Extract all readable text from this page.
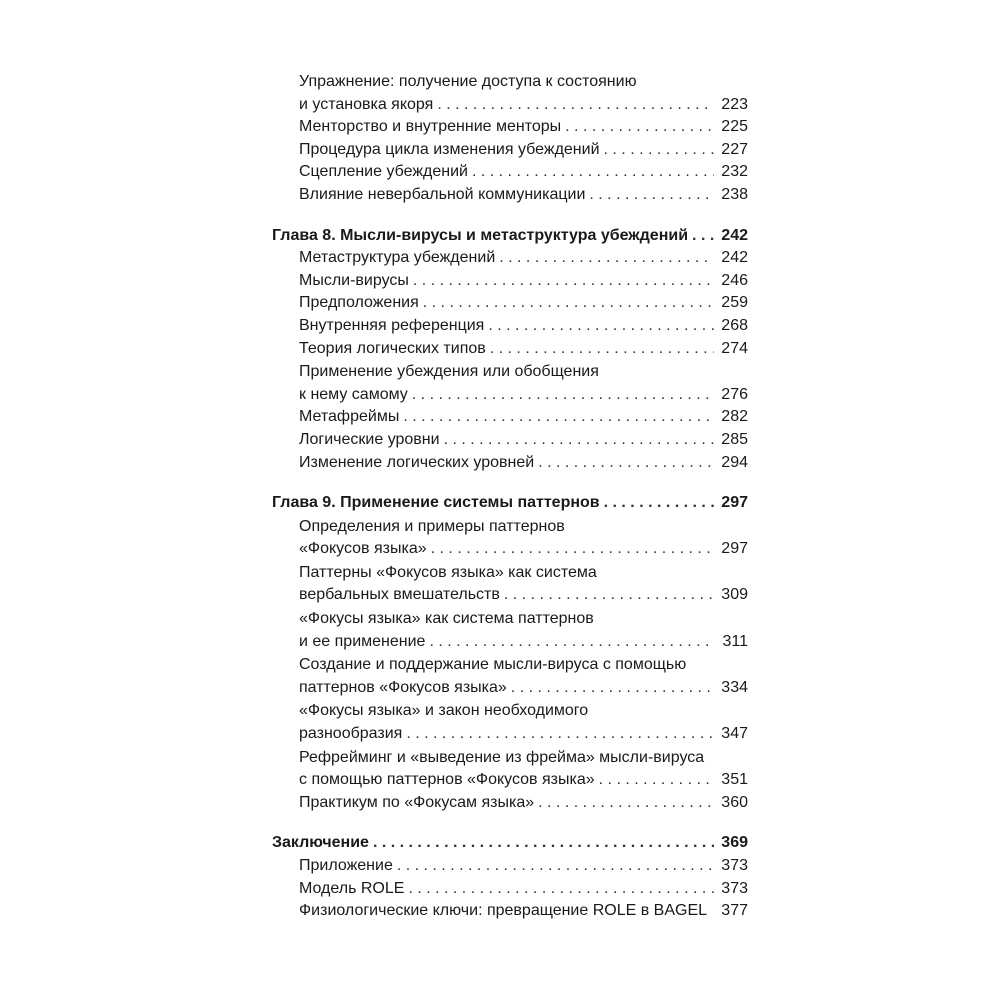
Упражнение: получение доступа к состоянию
и установка якоря . . .	223
Менторство и внутренние менторы . . .	225
Процедура цикла изменения убеждений . . .	227
Сцепление убеждений . . .	232
Влияние невербальной коммуникации . . .	238
Глава 8. Мысли-вирусы и метаструктура убеждений . . . 242
Метаструктура убеждений . . .	242
Мысли-вирусы . . .	246
Предположения . . .	259
Внутренняя референция . . .	268
Теория логических типов . . .	274
Применение убеждения или обобщения
к нему самому . . .	276
Метафреймы . . .	282
Логические уровни . . .	285
Изменение логических уровней . . .	294
Глава 9. Применение системы паттернов . . .	297
Определения и примеры паттернов
«Фокусов языка» . . .	297
Паттерны «Фокусов языка» как система
вербальных вмешательств . . .	309
«Фокусы языка» как система паттернов
и ее применение . . .	311
Создание и поддержание мысли-вируса с помощью
паттернов «Фокусов языка» . . .	334
«Фокусы языка» и закон необходимого
разнообразия . . .	347
Рефрейминг и «выведение из фрейма» мысли-вируса
с помощью паттернов «Фокусов языка» . . .	351
Практикум по «Фокусам языка» . . .	360
Заключение . . .	369
Приложение . . .	373
Модель ROLE . . .	373
Физиологические ключи: превращение ROLE в BAGEL 377
